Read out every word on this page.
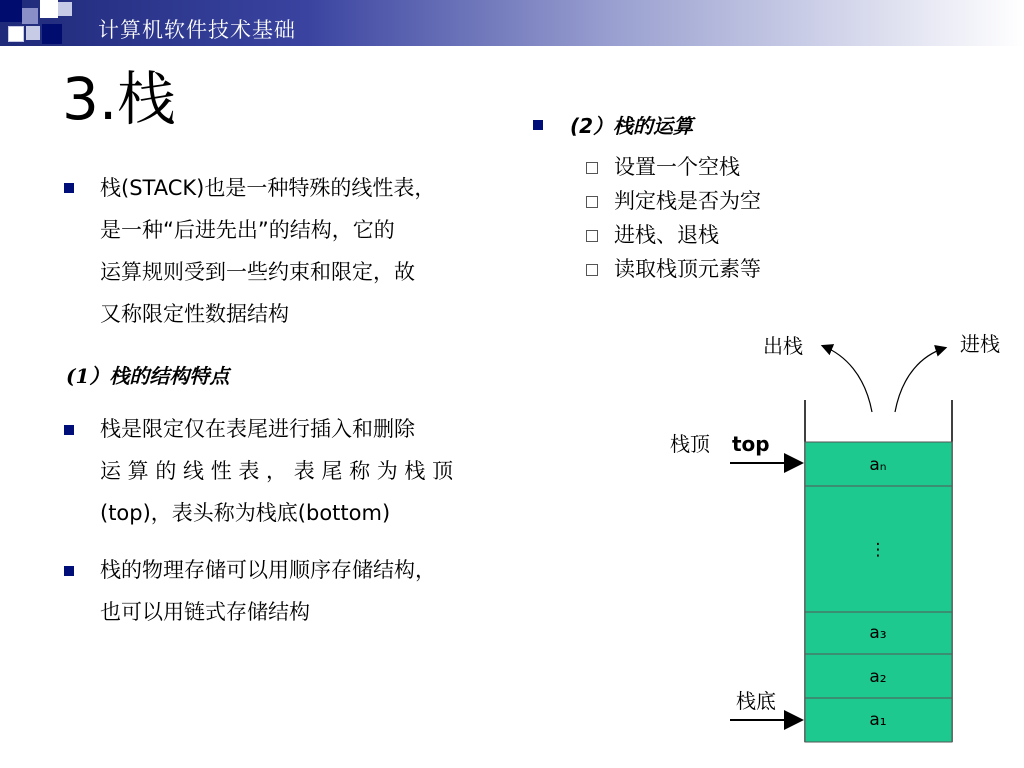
计算机软件技术基础
3.栈
栈(STACK)也是一种特殊的线性表，
是一种“后进先出”的结构，它的
运算规则受到一些约束和限定，故
又称限定性数据结构
(1）栈的结构特点
栈是限定仅在表尾进行插入和删除
运 算 的 线 性 表 ， 表 尾 称 为 栈 顶
(top)，表头称为栈底(bottom)
栈的物理存储可以用顺序存储结构，
也可以用链式存储结构
(2）栈的运算
设置一个空栈
判定栈是否为空
进栈、退栈
读取栈顶元素等
aₙ
⋮
a₃
a₂
a₁
出栈	进栈
栈顶 top
栈底
